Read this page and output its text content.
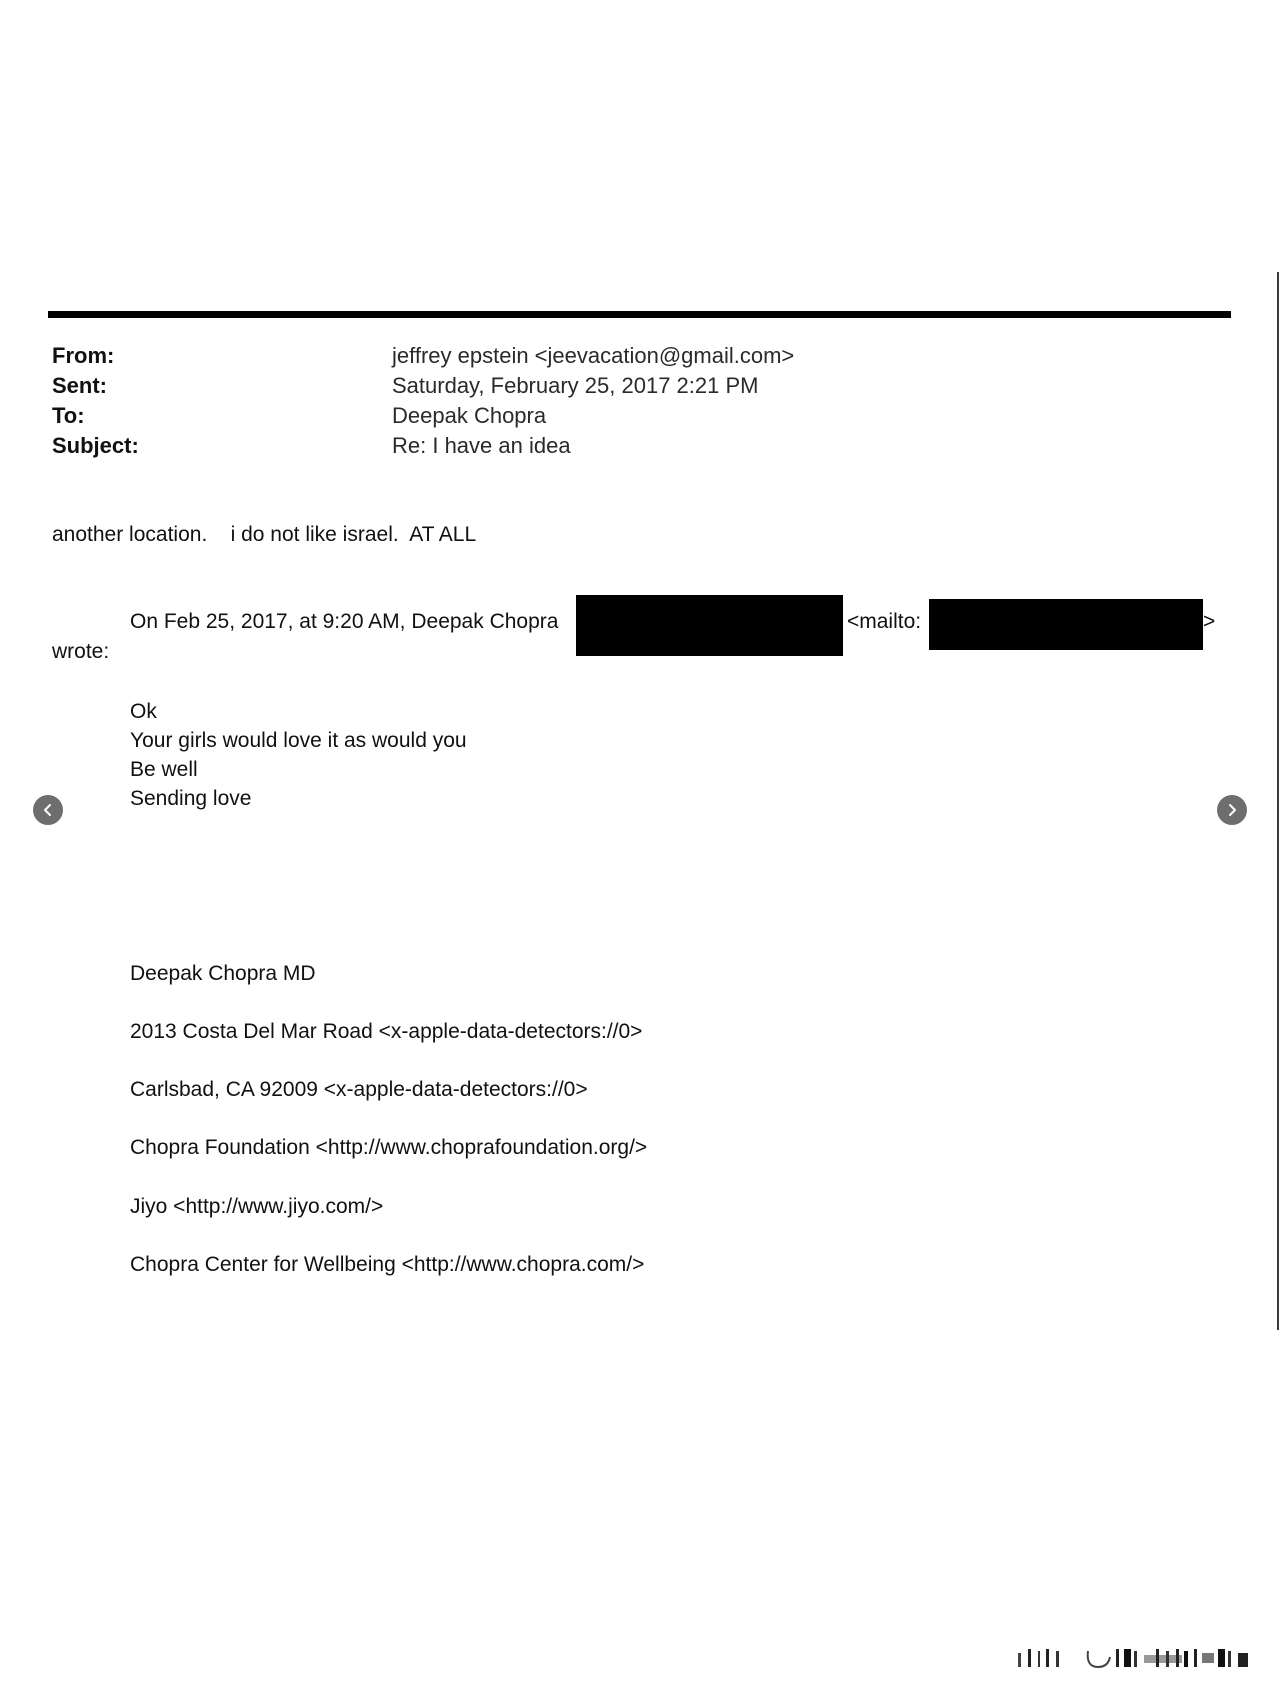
From:	jeffrey epstein <jeevacation@gmail.com>
Sent:	Saturday, February 25, 2017 2:21 PM
To:	Deepak Chopra
Subject:	Re: I have an idea
another location.    i do not like israel.  AT ALL
On Feb 25, 2017, at 9:20 AM, Deepak Chopra	<mailto:	>
wrote:
Ok
Your girls would love it as would you
Be well
Sending love
Deepak Chopra MD
2013 Costa Del Mar Road <x-apple-data-detectors://0>
Carlsbad, CA 92009 <x-apple-data-detectors://0>
Chopra Foundation <http://www.choprafoundation.org/>
Jiyo <http://www.jiyo.com/>
Chopra Center for Wellbeing <http://www.chopra.com/>
